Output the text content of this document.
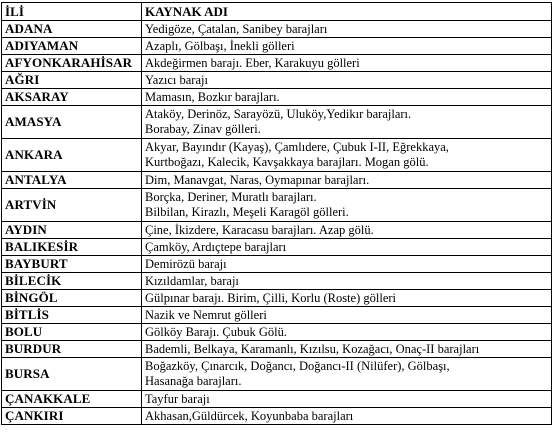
İLİ	KAYNAK ADI
ADANA	Yedigöze, Çatalan, Sanibey barajları

ADIYAMAN	Azaplı, Gölbaşı, İnekli gölleri

AFYONKARAHİSAR	Akdeğirmen barajı. Eber, Karakuyu gölleri

AĞRI	Yazıcı barajı

AKSARAY	Mamasın, Bozkır barajları.

AMASYA	Ataköy, Derinöz, Sarayözü, Uluköy,Yedikır barajları.
Borabay, Zinav gölleri.

ANKARA	Akyar, Bayındır (Kayaş), Çamlıdere, Çubuk I-II, Eğrekkaya,
Kurtboğazı, Kalecik, Kavşakkaya barajları. Mogan gölü.

ANTALYA	Dim, Manavgat, Naras, Oymapınar barajları.

ARTVİN	Borçka, Deriner, Muratlı barajları.
Bilbilan, Kirazlı, Meşeli Karagöl gölleri.

AYDIN	Çine, İkizdere, Karacasu barajları. Azap gölü.

BALIKESİR	Çamköy, Ardıçtepe barajları

BAYBURT	Demirözü barajı

BİLECİK	Kızıldamlar, barajı

BİNGÖL	Gülpınar barajı. Birim, Çilli, Korlu (Roste) gölleri

BİTLİS	Nazik ve Nemrut gölleri

BOLU	Gölköy Barajı. Çubuk Gölü.

BURDUR	Bademli, Belkaya, Karamanlı, Kızılsu, Kozağacı, Onaç-II barajları

BURSA	Boğazköy, Çınarcık, Doğancı, Doğancı-II (Nilüfer), Gölbaşı,
Hasanağa barajları.

ÇANAKKALE	Tayfur barajı

ÇANKIRI	Akhasan,Güldürcek, Koyunbaba barajları
